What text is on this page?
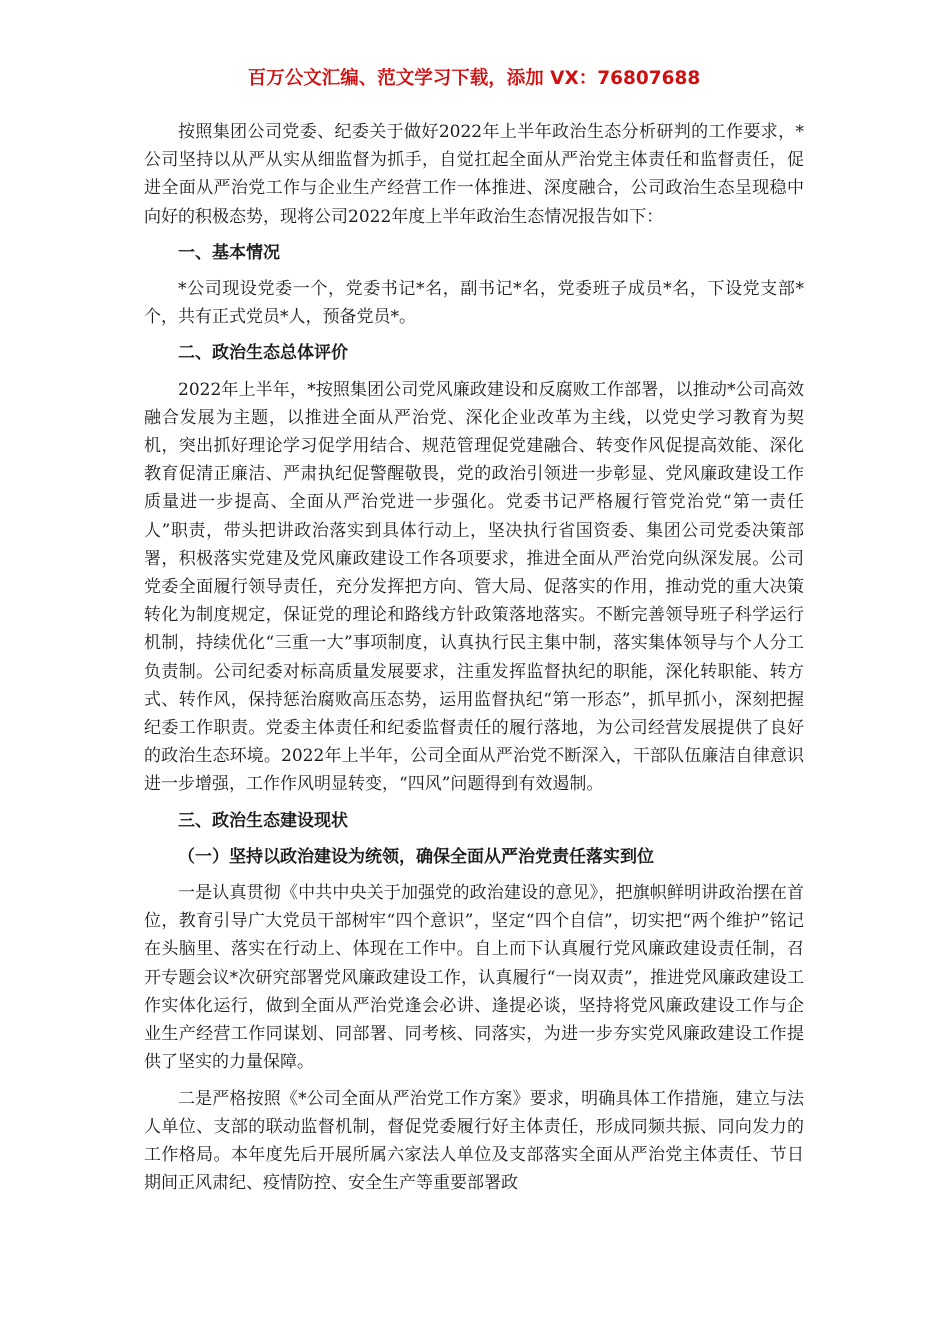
百万公文汇编、范文学习下载，添加 VX：76807688

按照集团公司党委、纪委关于做好2022年上半年政治生态分析研判的工作要求，*公司坚持以从严从实从细监督为抓手，自觉扛起全面从严治党主体责任和监督责任，促进全面从严治党工作与企业生产经营工作一体推进、深度融合，公司政治生态呈现稳中向好的积极态势，现将公司2022年度上半年政治生态情况报告如下：

一、基本情况

*公司现设党委一个，党委书记*名，副书记*名，党委班子成员*名，下设党支部*个，共有正式党员*人，预备党员*。

二、政治生态总体评价

2022年上半年，*按照集团公司党风廉政建设和反腐败工作部署，以推动*公司高效融合发展为主题，以推进全面从严治党、深化企业改革为主线，以党史学习教育为契机，突出抓好理论学习促学用结合、规范管理促党建融合、转变作风促提高效能、深化教育促清正廉洁、严肃执纪促警醒敬畏，党的政治引领进一步彰显、党风廉政建设工作质量进一步提高、全面从严治党进一步强化。党委书记严格履行管党治党“第一责任人”职责，带头把讲政治落实到具体行动上，坚决执行省国资委、集团公司党委决策部署，积极落实党建及党风廉政建设工作各项要求，推进全面从严治党向纵深发展。公司党委全面履行领导责任，充分发挥把方向、管大局、促落实的作用，推动党的重大决策转化为制度规定，保证党的理论和路线方针政策落地落实。不断完善领导班子科学运行机制，持续优化“三重一大”事项制度，认真执行民主集中制，落实集体领导与个人分工负责制。公司纪委对标高质量发展要求，注重发挥监督执纪的职能，深化转职能、转方式、转作风，保持惩治腐败高压态势，运用监督执纪“第一形态”，抓早抓小，深刻把握纪委工作职责。党委主体责任和纪委监督责任的履行落地，为公司经营发展提供了良好的政治生态环境。2022年上半年，公司全面从严治党不断深入，干部队伍廉洁自律意识进一步增强，工作作风明显转变，“四风”问题得到有效遏制。

三、政治生态建设现状
（一）坚持以政治建设为统领，确保全面从严治党责任落实到位

一是认真贯彻《中共中央关于加强党的政治建设的意见》，把旗帜鲜明讲政治摆在首位，教育引导广大党员干部树牢“四个意识”，坚定“四个自信”，切实把“两个维护”铭记在头脑里、落实在行动上、体现在工作中。自上而下认真履行党风廉政建设责任制，召开专题会议*次研究部署党风廉政建设工作，认真履行“一岗双责”，推进党风廉政建设工作实体化运行，做到全面从严治党逢会必讲、逢提必谈，坚持将党风廉政建设工作与企业生产经营工作同谋划、同部署、同考核、同落实，为进一步夯实党风廉政建设工作提供了坚实的力量保障。

二是严格按照《*公司全面从严治党工作方案》要求，明确具体工作措施，建立与法人单位、支部的联动监督机制，督促党委履行好主体责任，形成同频共振、同向发力的工作格局。本年度先后开展所属六家法人单位及支部落实全面从严治党主体责任、节日期间正风肃纪、疫情防控、安全生产等重要部署政
